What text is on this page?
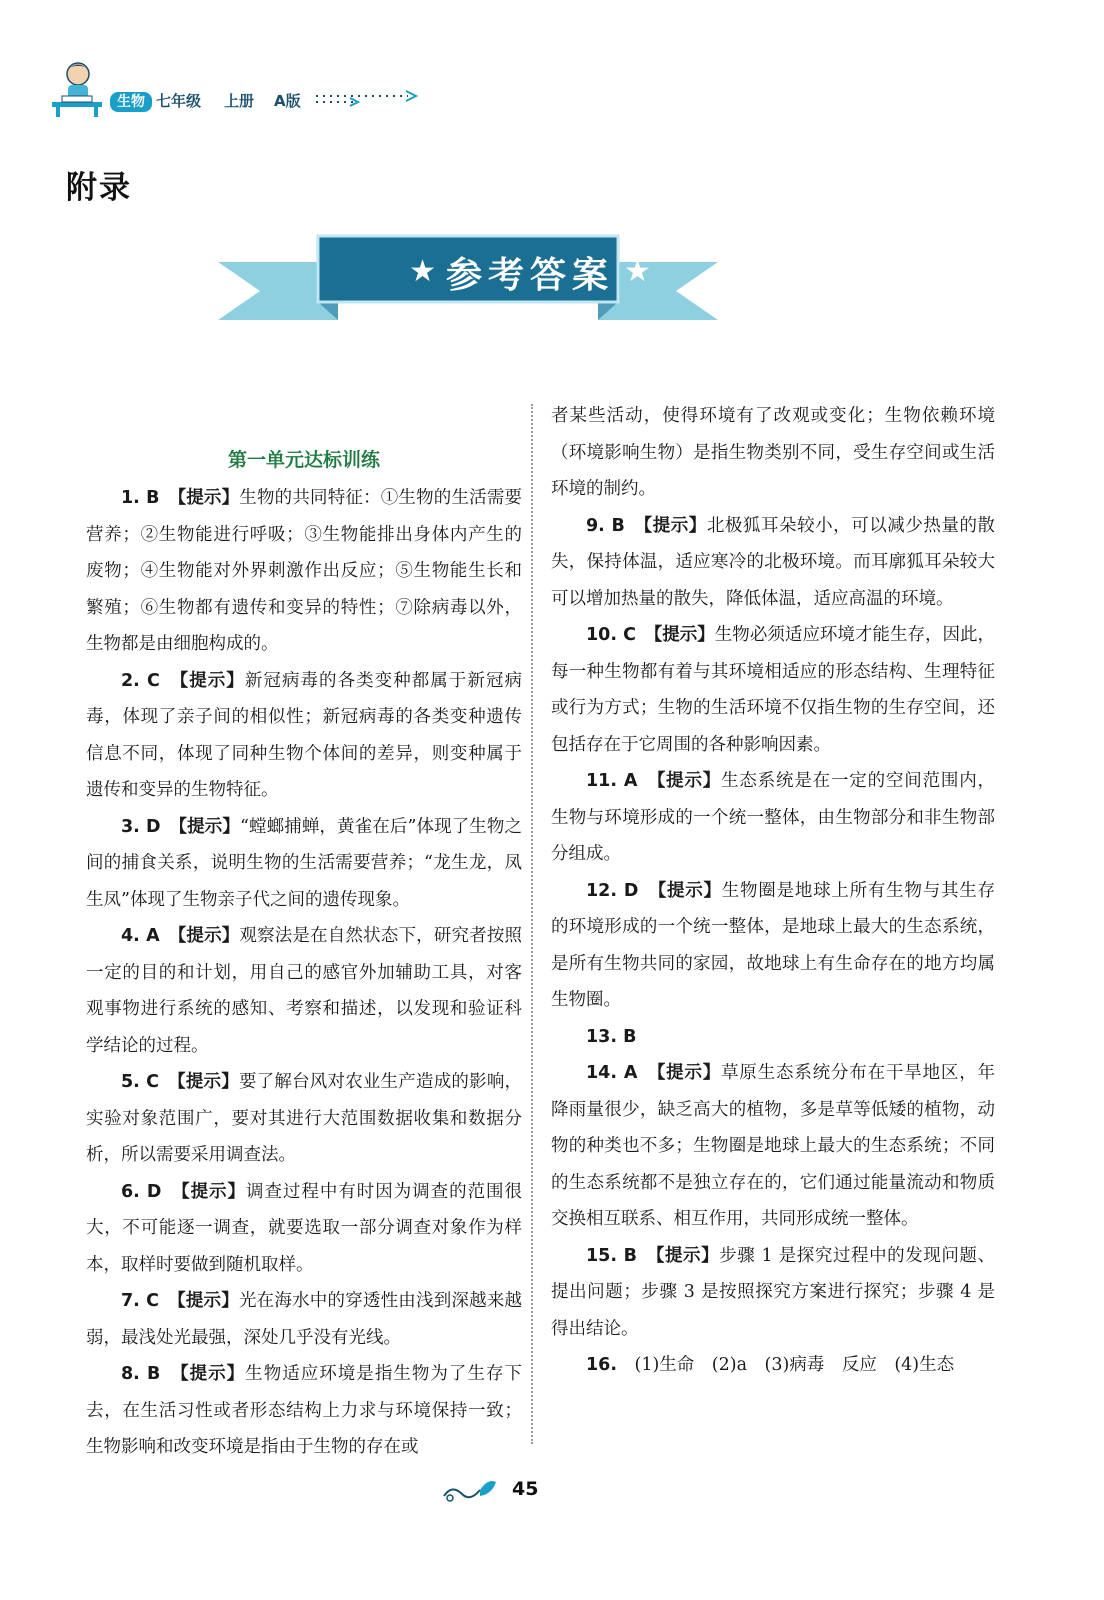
生物 七年级 上册 A版
附录
★ 参考答案 ★
第一单元达标训练

1. B　 【提示】生物的共同特征：①生物的生活需要营养；②生物能进行呼吸；③生物能排出身体内产生的废物；④生物能对外界刺激作出反应；⑤生物能生长和繁殖；⑥生物都有遗传和变异的特性；⑦除病毒以外，生物都是由细胞构成的。

2. C　 【提示】新冠病毒的各类变种都属于新冠病毒，体现了亲子间的相似性；新冠病毒的各类变种遗传信息不同，体现了同种生物个体间的差异，则变种属于遗传和变异的生物特征。

3. D　 【提示】“螳螂捕蝉，黄雀在后”体现了生物之间的捕食关系，说明生物的生活需要营养；“龙生龙，凤生凤”体现了生物亲子代之间的遗传现象。

4. A　 【提示】观察法是在自然状态下，研究者按照一定的目的和计划，用自己的感官外加辅助工具，对客观事物进行系统的感知、考察和描述，以发现和验证科学结论的过程。

5. C　 【提示】要了解台风对农业生产造成的影响，实验对象范围广，要对其进行大范围数据收集和数据分析，所以需要采用调查法。

6. D　 【提示】调查过程中有时因为调查的范围很大，不可能逐一调查，就要选取一部分调查对象作为样本，取样时要做到随机取样。

7. C　 【提示】光在海水中的穿透性由浅到深越来越弱，最浅处光最强，深处几乎没有光线。

8. B　 【提示】生物适应环境是指生物为了生存下去，在生活习性或者形态结构上力求与环境保持一致；生物影响和改变环境是指由于生物的存在或

者某些活动，使得环境有了改观或变化；生物依赖环境（环境影响生物）是指生物类别不同，受生存空间或生活环境的制约。

9. B　 【提示】北极狐耳朵较小，可以减少热量的散失，保持体温，适应寒冷的北极环境。而耳廓狐耳朵较大可以增加热量的散失，降低体温，适应高温的环境。

10. C　 【提示】生物必须适应环境才能生存，因此，每一种生物都有着与其环境相适应的形态结构、生理特征或行为方式；生物的生活环境不仅指生物的生存空间，还包括存在于它周围的各种影响因素。

11. A　 【提示】生态系统是在一定的空间范围内，生物与环境形成的一个统一整体，由生物部分和非生物部分组成。

12. D　 【提示】生物圈是地球上所有生物与其生存的环境形成的一个统一整体，是地球上最大的生态系统，是所有生物共同的家园，故地球上有生命存在的地方均属生物圈。

13. B　

14. A　 【提示】草原生态系统分布在干旱地区，年降雨量很少，缺乏高大的植物，多是草等低矮的植物，动物的种类也不多；生物圈是地球上最大的生态系统；不同的生态系统都不是独立存在的，它们通过能量流动和物质交换相互联系、相互作用，共同形成统一整体。

15. B　 【提示】步骤 1 是探究过程中的发现问题、提出问题；步骤 3 是按照探究方案进行探究；步骤 4 是得出结论。

16.　 (1)生命　(2)a　(3)病毒　反应　(4)生态

45
